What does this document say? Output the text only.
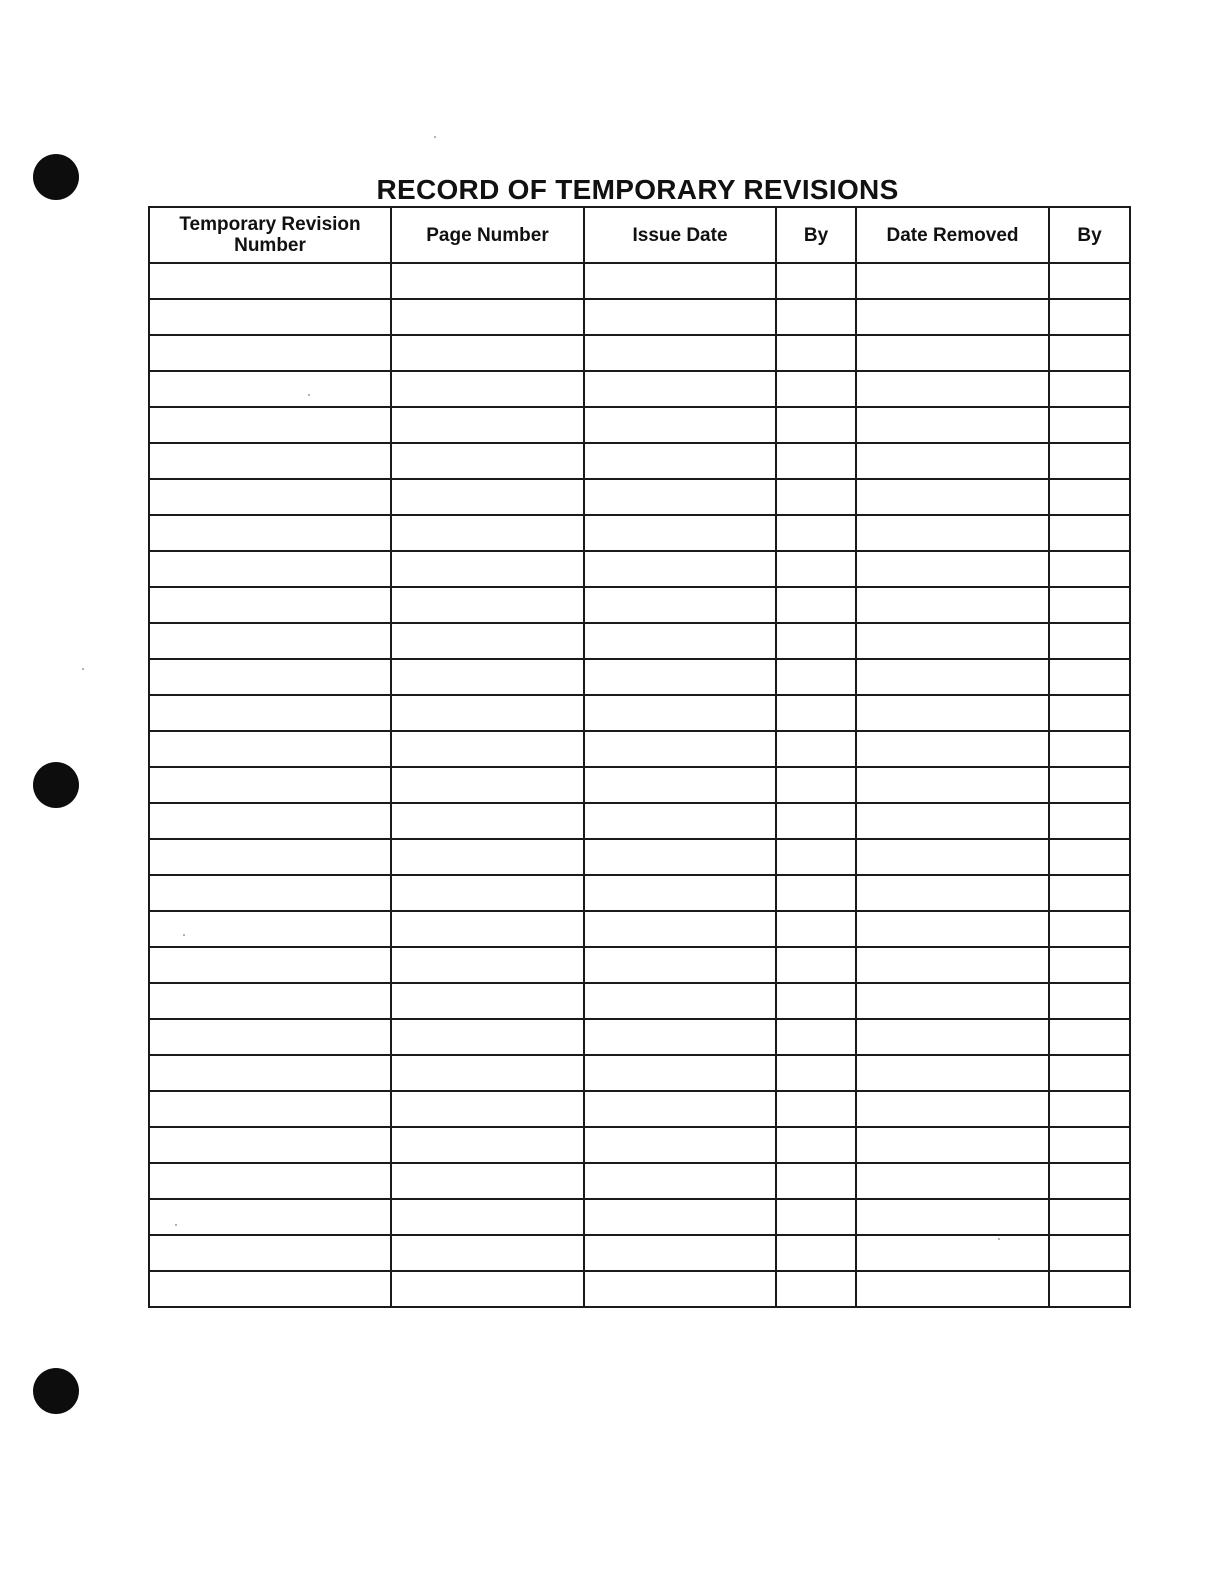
RECORD OF TEMPORARY REVISIONS
Temporary Revision Number	Page Number	Issue Date	By	Date Removed	By
